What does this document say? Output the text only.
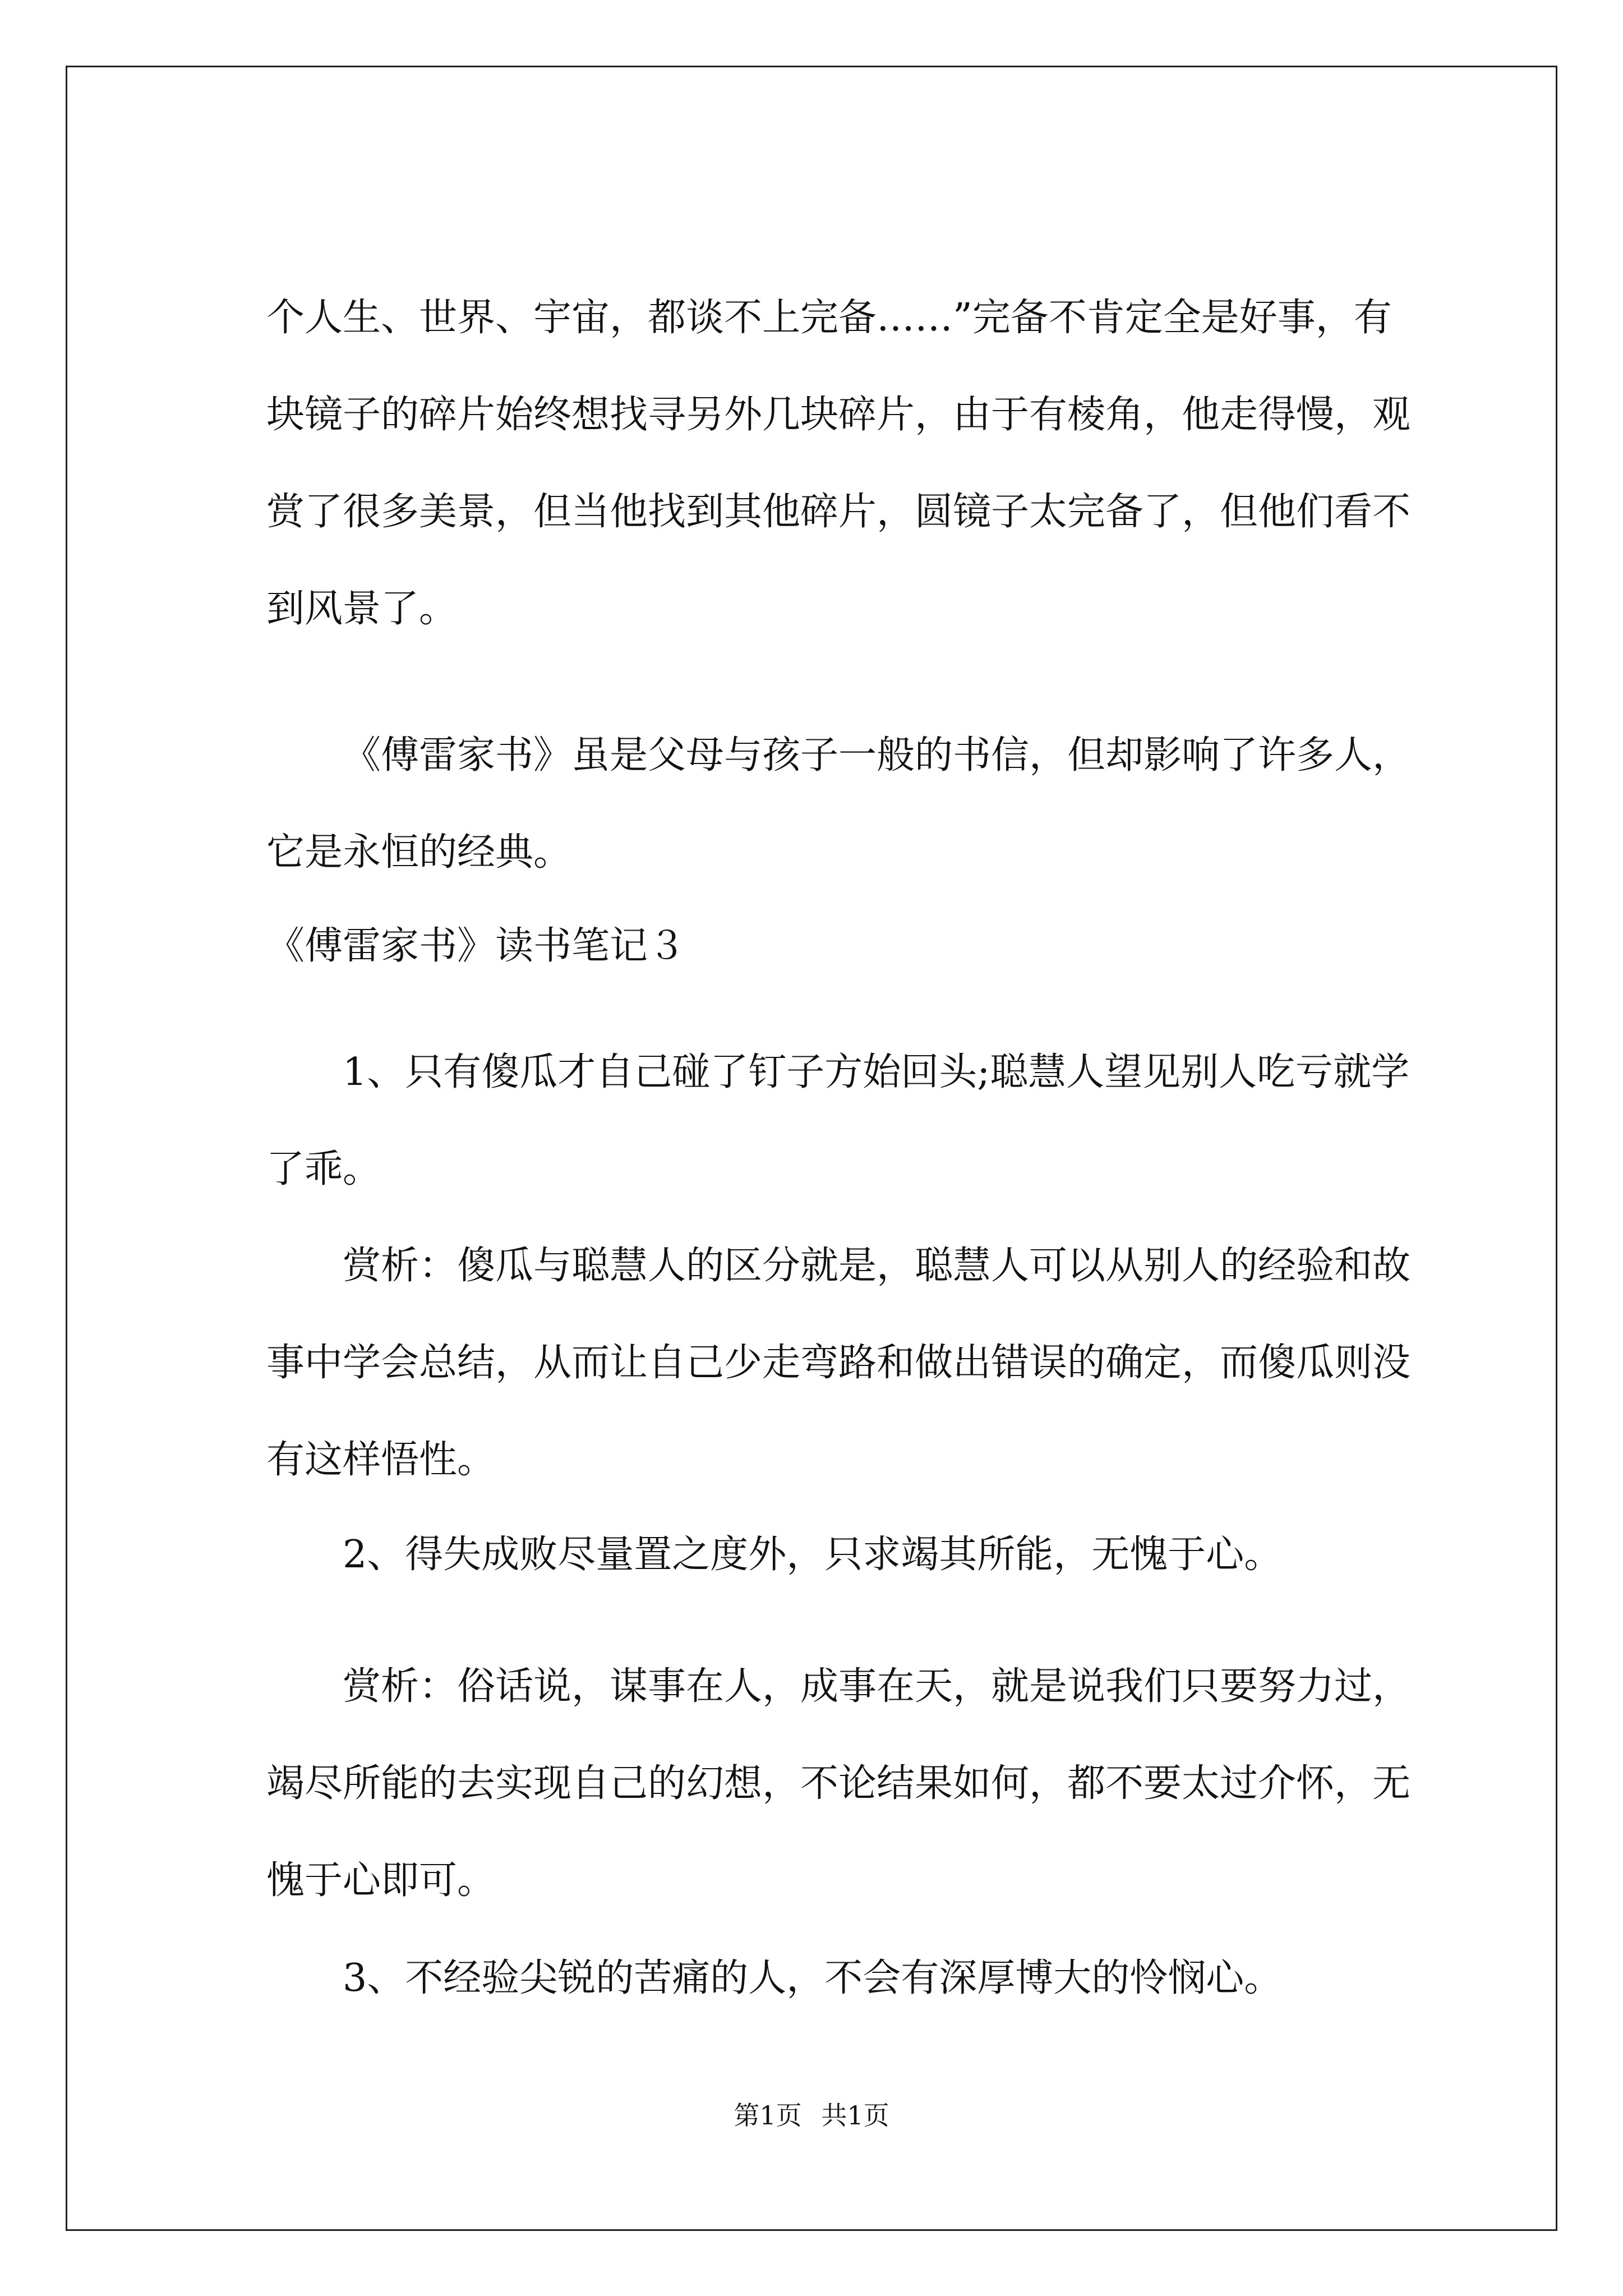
个人生、世界、宇宙，都谈不上完备……”完备不肯定全是好事，有
块镜子的碎片始终想找寻另外几块碎片，由于有棱角，他走得慢，观
赏了很多美景，但当他找到其他碎片，圆镜子太完备了，但他们看不
到风景了。
《傅雷家书》虽是父母与孩子一般的书信，但却影响了许多人，
它是永恒的经典。
《傅雷家书》读书笔记３
1、只有傻瓜才自己碰了钉子方始回头;聪慧人望见别人吃亏就学
了乖。
赏析：傻瓜与聪慧人的区分就是，聪慧人可以从别人的经验和故
事中学会总结，从而让自己少走弯路和做出错误的确定，而傻瓜则没
有这样悟性。
2、得失成败尽量置之度外，只求竭其所能，无愧于心。
赏析：俗话说，谋事在人，成事在天，就是说我们只要努力过，
竭尽所能的去实现自己的幻想，不论结果如何，都不要太过介怀，无
愧于心即可。
3、不经验尖锐的苦痛的人，不会有深厚博大的怜悯心。
第1页 共1页
